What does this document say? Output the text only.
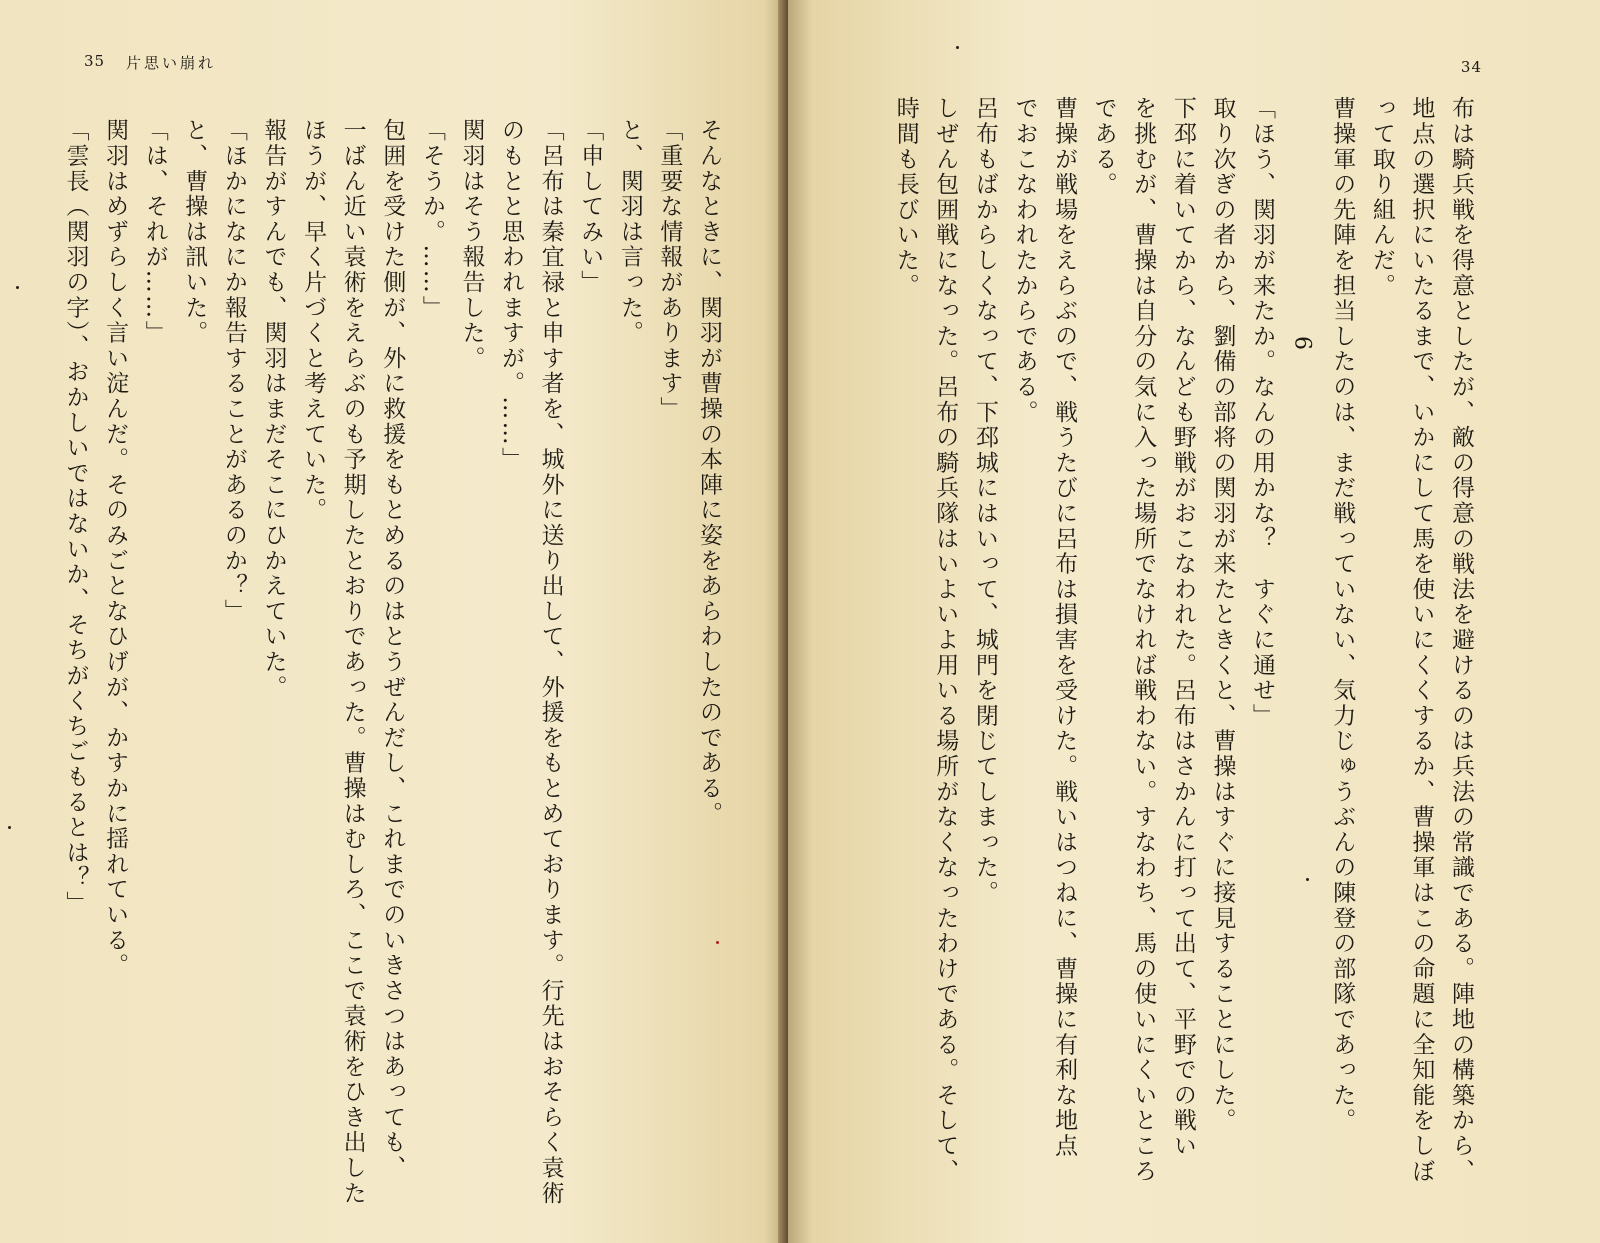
35 片思い崩れ
そんなときに、関羽が曹操の本陣に姿をあらわしたのである。
「重要な情報があります」
と、関羽は言った。
「申してみい」
「呂布は秦宜禄と申す者を、城外に送り出して、外援をもとめております。行先はおそらく袁術
のもとと思われますが。……」
関羽はそう報告した。
「そうか。……」
包囲を受けた側が、外に救援をもとめるのはとうぜんだし、これまでのいきさつはあっても、
一ばん近い袁術をえらぶのも予期したとおりであった。曹操はむしろ、ここで袁術をひき出した
ほうが、早く片づくと考えていた。
報告がすんでも、関羽はまだそこにひかえていた。
「ほかになにか報告することがあるのか？」
と、曹操は訊いた。
「は、それが……」
関羽はめずらしく言い淀んだ。そのみごとなひげが、かすかに揺れている。
「雲長（関羽の字）、おかしいではないか、そちがくちごもるとは？」
34
布は騎兵戦を得意としたが、敵の得意の戦法を避けるのは兵法の常識である。陣地の構築から、
地点の選択にいたるまで、いかにして馬を使いにくくするか、曹操軍はこの命題に全知能をしぼ
って取り組んだ。
曹操軍の先陣を担当したのは、まだ戦っていない、気力じゅうぶんの陳登の部隊であった。
6
「ほう、関羽が来たか。なんの用かな？　すぐに通せ」
取り次ぎの者から、劉備の部将の関羽が来たときくと、曹操はすぐに接見することにした。
下邳に着いてから、なんども野戦がおこなわれた。呂布はさかんに打って出て、平野での戦い
を挑むが、曹操は自分の気に入った場所でなければ戦わない。すなわち、馬の使いにくいところ
である。
曹操が戦場をえらぶので、戦うたびに呂布は損害を受けた。戦いはつねに、曹操に有利な地点
でおこなわれたからである。
呂布もばからしくなって、下邳城にはいって、城門を閉じてしまった。
しぜん包囲戦になった。呂布の騎兵隊はいよいよ用いる場所がなくなったわけである。そして、
時間も長びいた。
